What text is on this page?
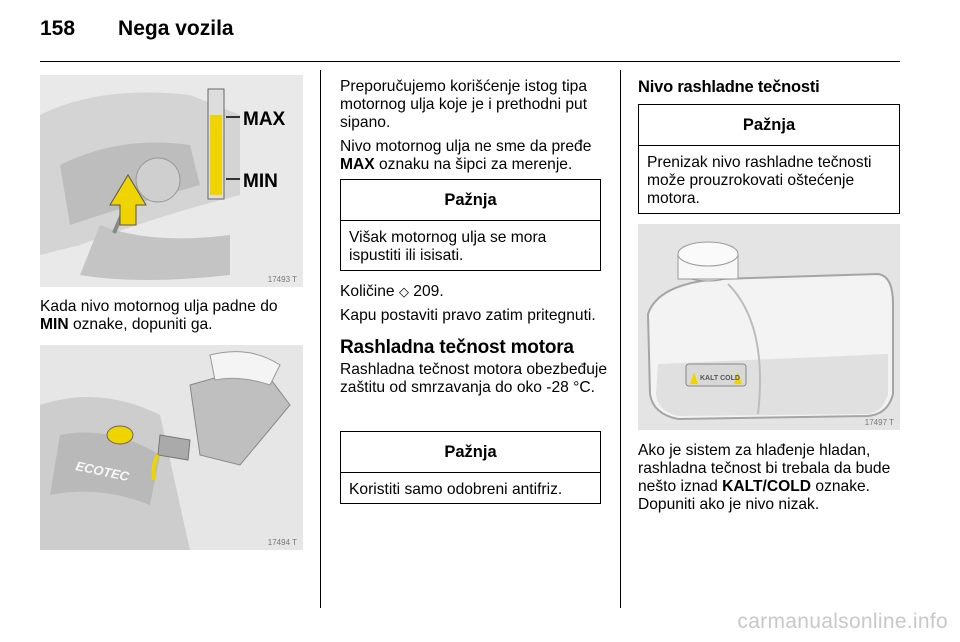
158 Nega vozila
MAX
MIN
17493 T

Kada nivo motornog ulja padne do
MIN oznake, dopuniti ga.

ECOTEC
17494 T

Preporučujemo korišćenje istog tipa motornog ulja koje je i prethodni put sipano.

Nivo motornog ulja ne sme da pređe
MAX oznaku na šipci za merenje.

Pažnja
Višak motornog ulja se mora ispustiti ili isisati.

Količine ◇ 209.

Kapu postaviti pravo zatim pritegnuti.

Rashladna tečnost motora

Rashladna tečnost motora obezbeđuje zaštitu od smrzavanja do oko -28 °C.

Pažnja
Koristiti samo odobreni antifriz.
Nivo rashladne tečnosti
Pažnja
Prenizak nivo rashladne tečnosti može prouzrokovati oštećenje motora.
KALT COLD
17497 T

Ako je sistem za hlađenje hladan, rashladna tečnost bi trebala da bude nešto iznad KALT/COLD oznake. Dopuniti ako je nivo nizak.

carmanualsonline.info
